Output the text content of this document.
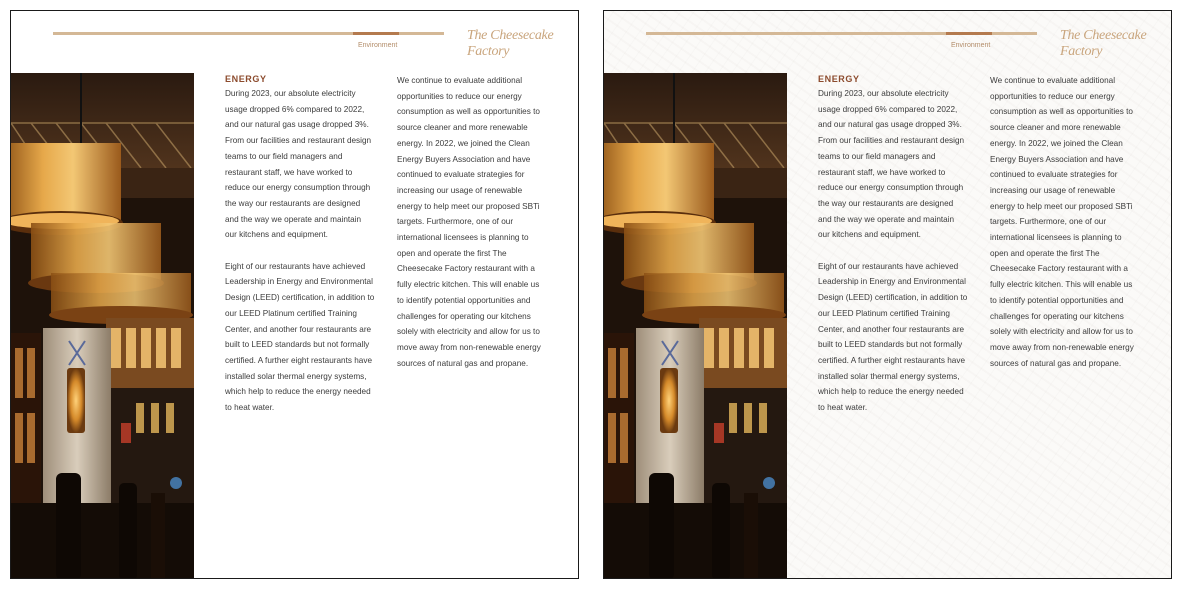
Environment
The Cheesecake Factory
ENERGY

During 2023, our absolute electricity usage dropped 6% compared to 2022, and our natural gas usage dropped 3%. From our facilities and restaurant design teams to our field managers and restaurant staff, we have worked to reduce our energy consumption through the way our restaurants are designed and the way we operate and maintain our kitchens and equipment.

Eight of our restaurants have achieved Leadership in Energy and Environmental Design (LEED) certification, in addition to our LEED Platinum certified Training Center, and another four restaurants are built to LEED standards but not formally certified. A further eight restaurants have installed solar thermal energy systems, which help to reduce the energy needed to heat water.

We continue to evaluate additional opportunities to reduce our energy consumption as well as opportunities to source cleaner and more renewable energy. In 2022, we joined the Clean Energy Buyers Association and have continued to evaluate strategies for increasing our usage of renewable energy to help meet our proposed SBTi targets. Furthermore, one of our international licensees is planning to open and operate the first The Cheesecake Factory restaurant with a fully electric kitchen. This will enable us to identify potential opportunities and challenges for operating our kitchens solely with electricity and allow for us to move away from non-renewable energy sources of natural gas and propane.

Environment
The Cheesecake Factory
ENERGY

During 2023, our absolute electricity usage dropped 6% compared to 2022, and our natural gas usage dropped 3%. From our facilities and restaurant design teams to our field managers and restaurant staff, we have worked to reduce our energy consumption through the way our restaurants are designed and the way we operate and maintain our kitchens and equipment.

Eight of our restaurants have achieved Leadership in Energy and Environmental Design (LEED) certification, in addition to our LEED Platinum certified Training Center, and another four restaurants are built to LEED standards but not formally certified. A further eight restaurants have installed solar thermal energy systems, which help to reduce the energy needed to heat water.

We continue to evaluate additional opportunities to reduce our energy consumption as well as opportunities to source cleaner and more renewable energy. In 2022, we joined the Clean Energy Buyers Association and have continued to evaluate strategies for increasing our usage of renewable energy to help meet our proposed SBTi targets. Furthermore, one of our international licensees is planning to open and operate the first The Cheesecake Factory restaurant with a fully electric kitchen. This will enable us to identify potential opportunities and challenges for operating our kitchens solely with electricity and allow for us to move away from non-renewable energy sources of natural gas and propane.
